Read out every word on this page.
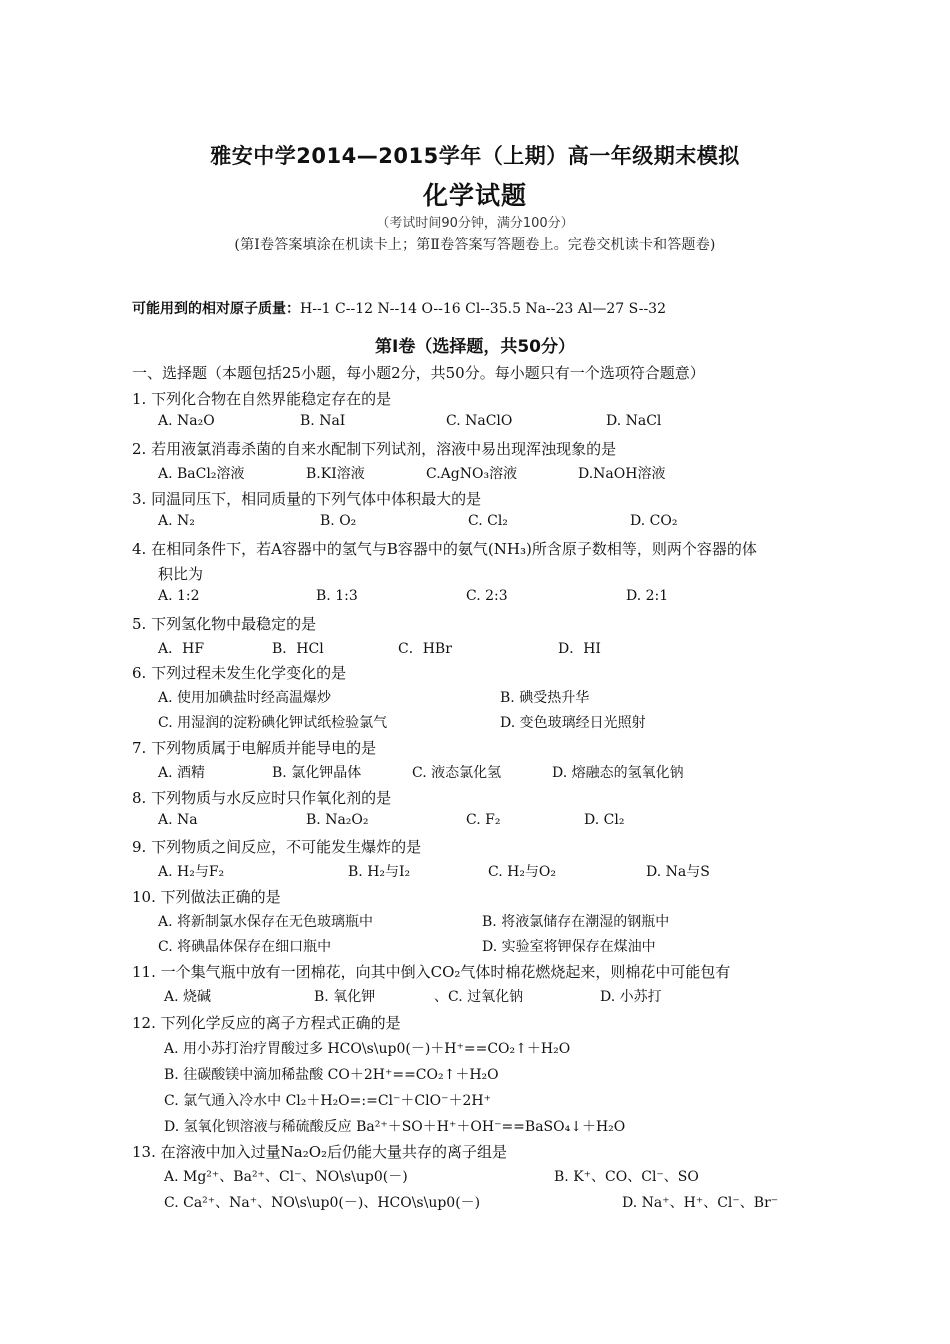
雅安中学2014—2015学年（上期）高一年级期末模拟
化学试题
（考试时间90分钟，满分100分）
(第Ⅰ卷答案填涂在机读卡上；第Ⅱ卷答案写答题卷上。完卷交机读卡和答题卷)
可能用到的相对原子质量：H--1 C--12 N--14 O--16 Cl--35.5 Na--23 Al—27 S--32
第Ⅰ卷（选择题，共50分）
一、选择题（本题包括25小题，每小题2分，共50分。每小题只有一个选项符合题意）
1. 下列化合物在自然界能稳定存在的是
A. Na₂O	B. NaI	C. NaClO	D. NaCl
2. 若用液氯消毒杀菌的自来水配制下列试剂，溶液中易出现浑浊现象的是
A. BaCl₂溶液	B.KI溶液	C.AgNO₃溶液	D.NaOH溶液
3. 同温同压下，相同质量的下列气体中体积最大的是
A. N₂	B. O₂	C. Cl₂	D. CO₂
4. 在相同条件下，若A容器中的氢气与B容器中的氨气(NH₃)所含原子数相等，则两个容器的体
积比为
A. 1:2	B. 1:3	C. 2:3	D. 2:1
5. 下列氢化物中最稳定的是
A．HF	B．HCl	C．HBr	D．HI
6. 下列过程未发生化学变化的是
A. 使用加碘盐时经高温爆炒	B. 碘受热升华
C. 用湿润的淀粉碘化钾试纸检验氯气	D. 变色玻璃经日光照射
7. 下列物质属于电解质并能导电的是
A. 酒精	B. 氯化钾晶体	C. 液态氯化氢	D. 熔融态的氢氧化钠
8. 下列物质与水反应时只作氧化剂的是
A. Na	B. Na₂O₂	C. F₂	D. Cl₂
9. 下列物质之间反应，不可能发生爆炸的是
A. H₂与F₂	B. H₂与I₂	C. H₂与O₂	D. Na与S
10. 下列做法正确的是
A. 将新制氯水保存在无色玻璃瓶中	B. 将液氯储存在潮湿的钢瓶中
C. 将碘晶体保存在细口瓶中	D. 实验室将钾保存在煤油中
11. 一个集气瓶中放有一团棉花，向其中倒入CO₂气体时棉花燃烧起来，则棉花中可能包有
A. 烧碱	B. 氧化钾	、C. 过氧化钠	D. 小苏打
12. 下列化学反应的离子方程式正确的是
A. 用小苏打治疗胃酸过多 HCO\s\up0(－)＋H⁺==CO₂↑＋H₂O
B. 往碳酸镁中滴加稀盐酸 CO＋2H⁺==CO₂↑＋H₂O
C. 氯气通入冷水中 Cl₂＋H₂O=:=Cl⁻＋ClO⁻＋2H⁺
D. 氢氧化钡溶液与稀硫酸反应 Ba²⁺＋SO＋H⁺＋OH⁻==BaSO₄↓＋H₂O
13. 在溶液中加入过量Na₂O₂后仍能大量共存的离子组是
A. Mg²⁺、Ba²⁺、Cl⁻、NO\s\up0(－)	B. K⁺、CO、Cl⁻、SO
C. Ca²⁺、Na⁺、NO\s\up0(－)、HCO\s\up0(－)	D. Na⁺、H⁺、Cl⁻、Br⁻
